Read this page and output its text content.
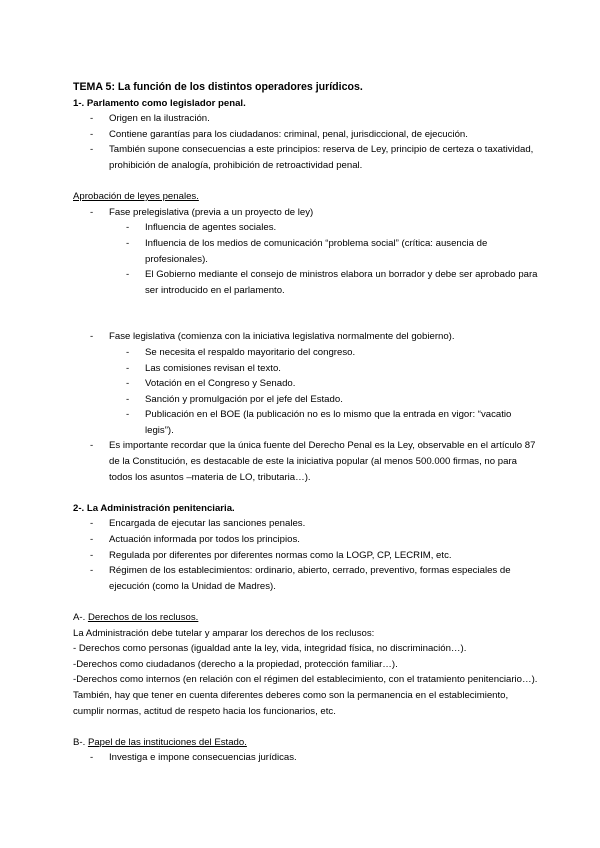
TEMA 5: La función de los distintos operadores jurídicos.

1-. Parlamento como legislador penal.

- Origen en la ilustración.
- Contiene garantías para los ciudadanos: criminal, penal, jurisdiccional, de ejecución.
- También supone consecuencias a este principios: reserva de Ley, principio de certeza o taxatividad, prohibición de analogía, prohibición de retroactividad penal.

Aprobación de leyes penales.

- Fase prelegislativa (previa a un proyecto de ley)
- Influencia de agentes sociales.
- Influencia de los medios de comunicación “problema social” (crítica: ausencia de profesionales).
- El Gobierno mediante el consejo de ministros elabora un borrador y debe ser aprobado para ser introducido en el parlamento.
- Fase legislativa (comienza con la iniciativa legislativa normalmente del gobierno).
- Se necesita el respaldo mayoritario del congreso.
- Las comisiones revisan el texto.
- Votación en el Congreso y Senado.
- Sanción y promulgación por el jefe del Estado.
- Publicación en el BOE (la publicación no es lo mismo que la entrada en vigor: “vacatio legis”).
- Es importante recordar que la única fuente del Derecho Penal es la Ley, observable en el artículo 87 de la Constitución, es destacable de este la iniciativa popular (al menos 500.000 firmas, no para todos los asuntos –materia de LO, tributaria…).

2-. La Administración penitenciaria.

- Encargada de ejecutar las sanciones penales.
- Actuación informada por todos los principios.
- Regulada por diferentes por diferentes normas como la LOGP, CP, LECRIM, etc.
- Régimen de los establecimientos: ordinario, abierto, cerrado, preventivo, formas especiales de ejecución (como la Unidad de Madres).

A-. Derechos de los reclusos.

La Administración debe tutelar y amparar los derechos de los reclusos:

- Derechos como personas (igualdad ante la ley, vida, integridad física, no discriminación…).

-Derechos como ciudadanos (derecho a la propiedad, protección familiar…).

-Derechos como internos (en relación con el régimen del establecimiento, con el tratamiento penitenciario…).

También, hay que tener en cuenta diferentes deberes como son la permanencia en el establecimiento, cumplir normas, actitud de respeto hacia los funcionarios, etc.

B-. Papel de las instituciones del Estado.

- Investiga e impone consecuencias jurídicas.
